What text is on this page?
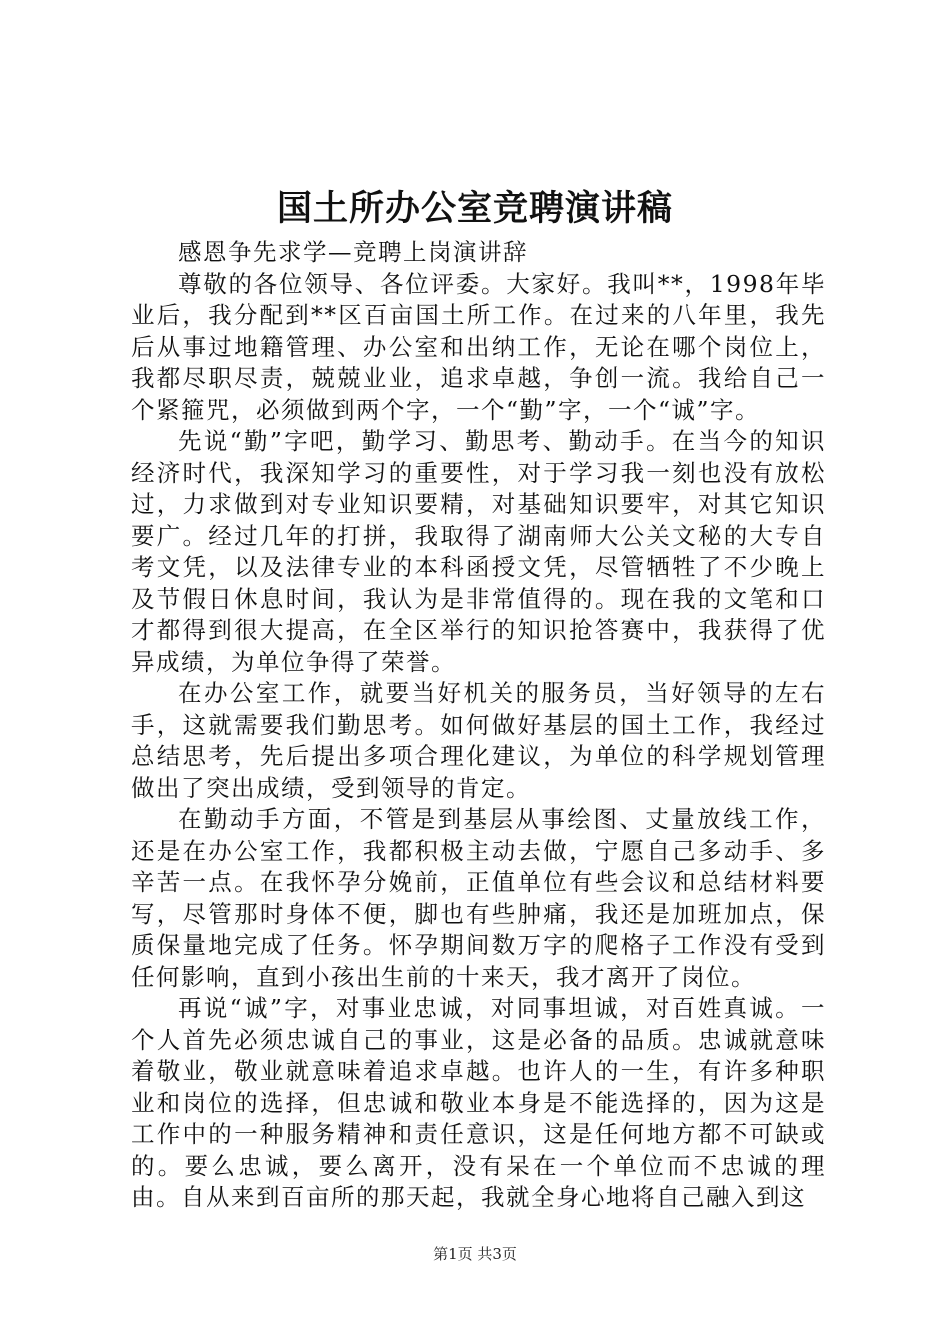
国土所办公室竞聘演讲稿

感恩争先求学—竞聘上岗演讲辞

尊敬的各位领导、各位评委。大家好。我叫**，1998年毕业后，我分配到**区百亩国土所工作。在过来的八年里，我先后从事过地籍管理、办公室和出纳工作，无论在哪个岗位上，我都尽职尽责，兢兢业业，追求卓越，争创一流。我给自己一个紧箍咒，必须做到两个字，一个“勤”字，一个“诚”字。

先说“勤”字吧，勤学习、勤思考、勤动手。在当今的知识经济时代，我深知学习的重要性，对于学习我一刻也没有放松过，力求做到对专业知识要精，对基础知识要牢，对其它知识要广。经过几年的打拼，我取得了湖南师大公关文秘的大专自考文凭，以及法律专业的本科函授文凭，尽管牺牲了不少晚上及节假日休息时间，我认为是非常值得的。现在我的文笔和口才都得到很大提高，在全区举行的知识抢答赛中，我获得了优异成绩，为单位争得了荣誉。

在办公室工作，就要当好机关的服务员，当好领导的左右手，这就需要我们勤思考。如何做好基层的国土工作，我经过总结思考，先后提出多项合理化建议，为单位的科学规划管理做出了突出成绩，受到领导的肯定。

在勤动手方面，不管是到基层从事绘图、丈量放线工作，还是在办公室工作，我都积极主动去做，宁愿自己多动手、多辛苦一点。在我怀孕分娩前，正值单位有些会议和总结材料要写，尽管那时身体不便，脚也有些肿痛，我还是加班加点，保质保量地完成了任务。怀孕期间数万字的爬格子工作没有受到任何影响，直到小孩出生前的十来天，我才离开了岗位。

再说“诚”字，对事业忠诚，对同事坦诚，对百姓真诚。一个人首先必须忠诚自己的事业，这是必备的品质。忠诚就意味着敬业，敬业就意味着追求卓越。也许人的一生，有许多种职业和岗位的选择，但忠诚和敬业本身是不能选择的，因为这是工作中的一种服务精神和责任意识，这是任何地方都不可缺或的。要么忠诚，要么离开，没有呆在一个单位而不忠诚的理由。自从来到百亩所的那天起，我就全身心地将自己融入到这

第1页 共3页
